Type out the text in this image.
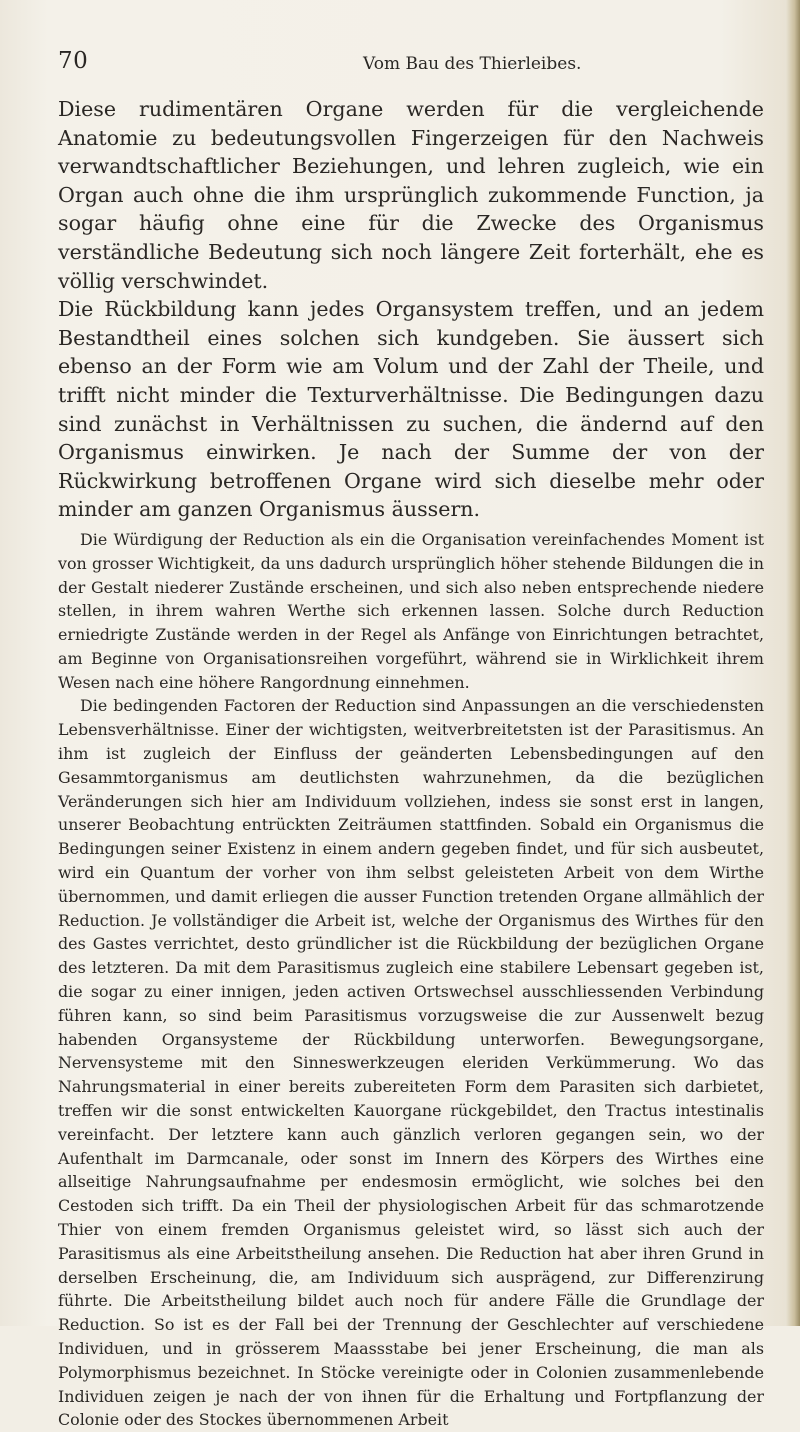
70	Vom Bau des Thierleibes.

Diese rudimentären Organe werden für die vergleichende Anatomie zu bedeutungsvollen Fingerzeigen für den Nachweis verwandtschaftlicher Beziehungen, und lehren zugleich, wie ein Organ auch ohne die ihm ursprünglich zukommende Function, ja sogar häufig ohne eine für die Zwecke des Organismus verständliche Bedeutung sich noch längere Zeit forterhält, ehe es völlig verschwindet.

Die Rückbildung kann jedes Organsystem treffen, und an jedem Bestandtheil eines solchen sich kundgeben. Sie äussert sich ebenso an der Form wie am Volum und der Zahl der Theile, und trifft nicht minder die Texturverhältnisse. Die Bedingungen dazu sind zunächst in Verhältnissen zu suchen, die ändernd auf den Organismus einwirken. Je nach der Summe der von der Rückwirkung betroffenen Organe wird sich dieselbe mehr oder minder am ganzen Organismus äussern.

Die Würdigung der Reduction als ein die Organisation vereinfachendes Moment ist von grosser Wichtigkeit, da uns dadurch ursprünglich höher stehende Bildungen die in der Gestalt niederer Zustände erscheinen, und sich also neben entsprechende niedere stellen, in ihrem wahren Werthe sich erkennen lassen. Solche durch Reduction erniedrigte Zustände werden in der Regel als Anfänge von Einrichtungen betrachtet, am Beginne von Organisationsreihen vorgeführt, während sie in Wirklichkeit ihrem Wesen nach eine höhere Rangordnung einnehmen.

Die bedingenden Factoren der Reduction sind Anpassungen an die verschiedensten Lebensverhältnisse. Einer der wichtigsten, weitverbreitetsten ist der Parasitismus. An ihm ist zugleich der Einfluss der geänderten Lebensbedingungen auf den Gesammtorganismus am deutlichsten wahrzunehmen, da die bezüglichen Veränderungen sich hier am Individuum vollziehen, indess sie sonst erst in langen, unserer Beobachtung entrückten Zeiträumen stattfinden. Sobald ein Organismus die Bedingungen seiner Existenz in einem andern gegeben findet, und für sich ausbeutet, wird ein Quantum der vorher von ihm selbst geleisteten Arbeit von dem Wirthe übernommen, und damit erliegen die ausser Function tretenden Organe allmählich der Reduction. Je vollständiger die Arbeit ist, welche der Organismus des Wirthes für den des Gastes verrichtet, desto gründlicher ist die Rückbildung der bezüglichen Organe des letzteren. Da mit dem Parasitismus zugleich eine stabilere Lebensart gegeben ist, die sogar zu einer innigen, jeden activen Ortswechsel ausschliessenden Verbindung führen kann, so sind beim Parasitismus vorzugsweise die zur Aussenwelt bezug habenden Organsysteme der Rückbildung unterworfen. Bewegungsorgane, Nervensysteme mit den Sinneswerkzeugen eleriden Verkümmerung. Wo das Nahrungsmaterial in einer bereits zubereiteten Form dem Parasiten sich darbietet, treffen wir die sonst entwickelten Kauorgane rückgebildet, den Tractus intestinalis vereinfacht. Der letztere kann auch gänzlich verloren gegangen sein, wo der Aufenthalt im Darmcanale, oder sonst im Innern des Körpers des Wirthes eine allseitige Nahrungsaufnahme per endesmosin ermöglicht, wie solches bei den Cestoden sich trifft. Da ein Theil der physiologischen Arbeit für das schmarotzende Thier von einem fremden Organismus geleistet wird, so lässt sich auch der Parasitismus als eine Arbeitstheilung ansehen. Die Reduction hat aber ihren Grund in derselben Erscheinung, die, am Individuum sich ausprägend, zur Differenzirung führte. Die Arbeitstheilung bildet auch noch für andere Fälle die Grundlage der Reduction. So ist es der Fall bei der Trennung der Geschlechter auf verschiedene Individuen, und in grösserem Maassstabe bei jener Erscheinung, die man als Polymorphismus bezeichnet. In Stöcke vereinigte oder in Colonien zusammenlebende Individuen zeigen je nach der von ihnen für die Erhaltung und Fortpflanzung der Colonie oder des Stockes übernommenen Arbeit
